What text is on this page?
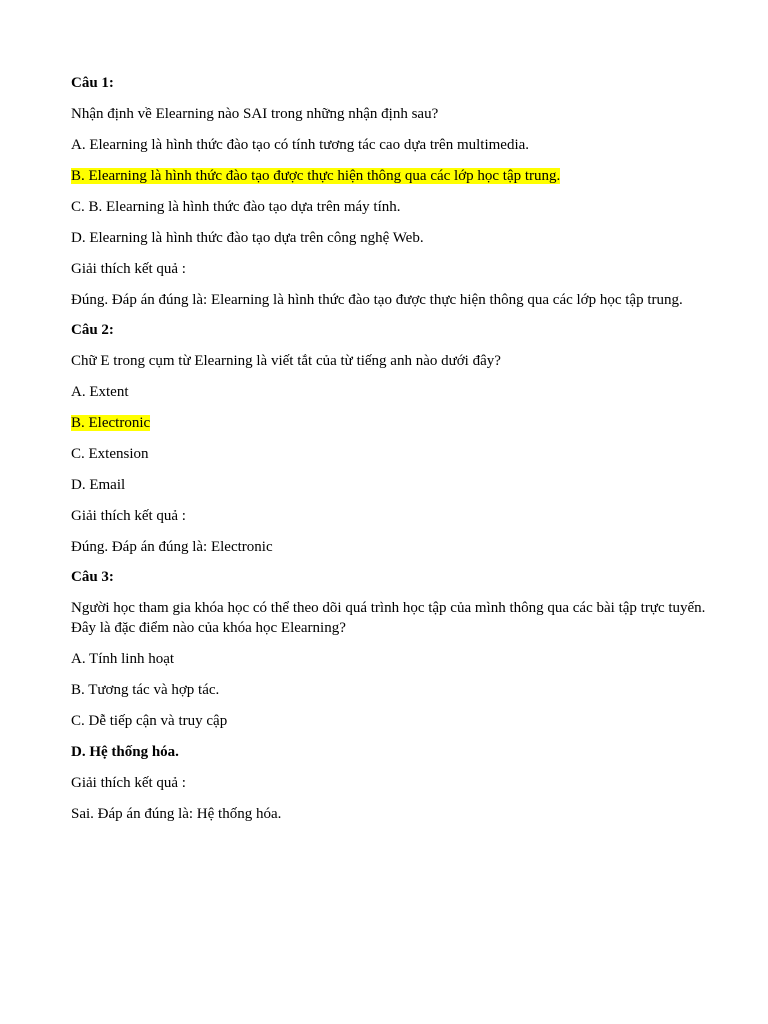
Câu 1:

Nhận định về Elearning nào SAI trong những nhận định sau?

A. Elearning là hình thức đào tạo có tính tương tác cao dựa trên multimedia.

B. Elearning là hình thức đào tạo được thực hiện thông qua các lớp học tập trung.

C. B. Elearning là hình thức đào tạo dựa trên máy tính.

D. Elearning là hình thức đào tạo dựa trên công nghệ Web.

Giải thích kết quả :

Đúng. Đáp án đúng là: Elearning là hình thức đào tạo được thực hiện thông qua các lớp học tập trung.

Câu 2:

Chữ E trong cụm từ Elearning là viết tắt của từ tiếng anh nào dưới đây?

A. Extent

B. Electronic

C. Extension

D. Email

Giải thích kết quả :

Đúng. Đáp án đúng là: Electronic

Câu 3:

Người học tham gia khóa học có thể theo dõi quá trình học tập của mình thông qua các bài tập trực tuyến. Đây là đặc điểm nào của khóa học Elearning?

A. Tính linh hoạt

B. Tương tác và hợp tác.

C. Dễ tiếp cận và truy cập

D. Hệ thống hóa.

Giải thích kết quả :

Sai. Đáp án đúng là: Hệ thống hóa.
